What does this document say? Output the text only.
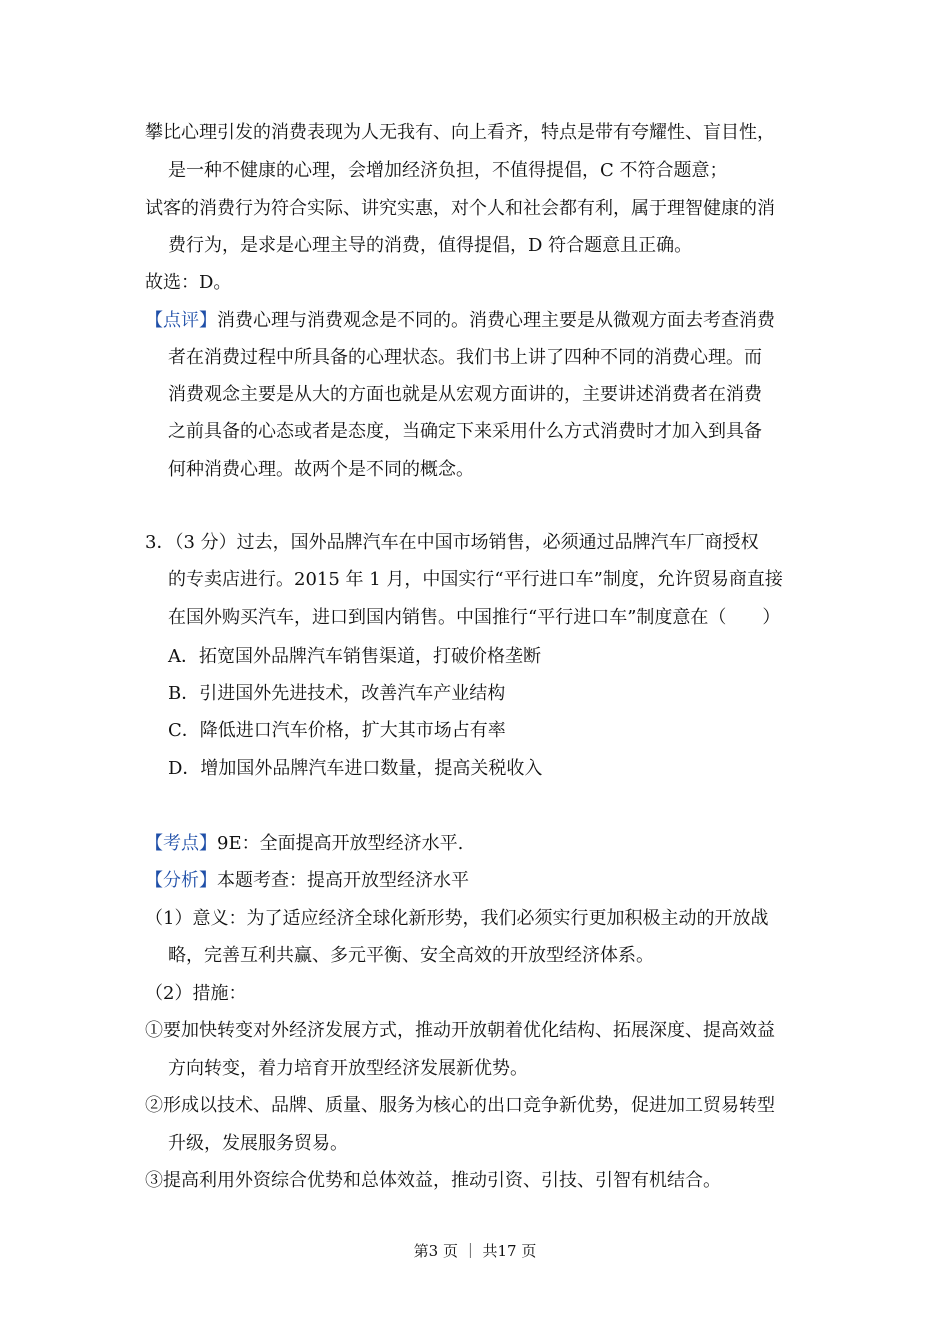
攀比心理引发的消费表现为人无我有、向上看齐，特点是带有夸耀性、盲目性，
是一种不健康的心理，会增加经济负担，不值得提倡，C 不符合题意；
试客的消费行为符合实际、讲究实惠，对个人和社会都有利，属于理智健康的消
费行为，是求是心理主导的消费，值得提倡，D 符合题意且正确。
故选：D。
【点评】消费心理与消费观念是不同的。消费心理主要是从微观方面去考查消费
者在消费过程中所具备的心理状态。我们书上讲了四种不同的消费心理。而
消费观念主要是从大的方面也就是从宏观方面讲的，主要讲述消费者在消费
之前具备的心态或者是态度，当确定下来采用什么方式消费时才加入到具备
何种消费心理。故两个是不同的概念。
3．（3 分）过去，国外品牌汽车在中国市场销售，必须通过品牌汽车厂商授权
的专卖店进行。2015 年 1 月，中国实行“平行进口车”制度，允许贸易商直接
在国外购买汽车，进口到国内销售。中国推行“平行进口车”制度意在（　　）
A．拓宽国外品牌汽车销售渠道，打破价格垄断
B．引进国外先进技术，改善汽车产业结构
C．降低进口汽车价格，扩大其市场占有率
D．增加国外品牌汽车进口数量，提高关税收入
【考点】9E：全面提高开放型经济水平.
【分析】本题考查：提高开放型经济水平
（1）意义：为了适应经济全球化新形势，我们必须实行更加积极主动的开放战
略，完善互利共赢、多元平衡、安全高效的开放型经济体系。
（2）措施：
①要加快转变对外经济发展方式，推动开放朝着优化结构、拓展深度、提高效益
方向转变，着力培育开放型经济发展新优势。
②形成以技术、品牌、质量、服务为核心的出口竞争新优势，促进加工贸易转型
升级，发展服务贸易。
③提高利用外资综合优势和总体效益，推动引资、引技、引智有机结合。
第3 页 ｜ 共17 页
